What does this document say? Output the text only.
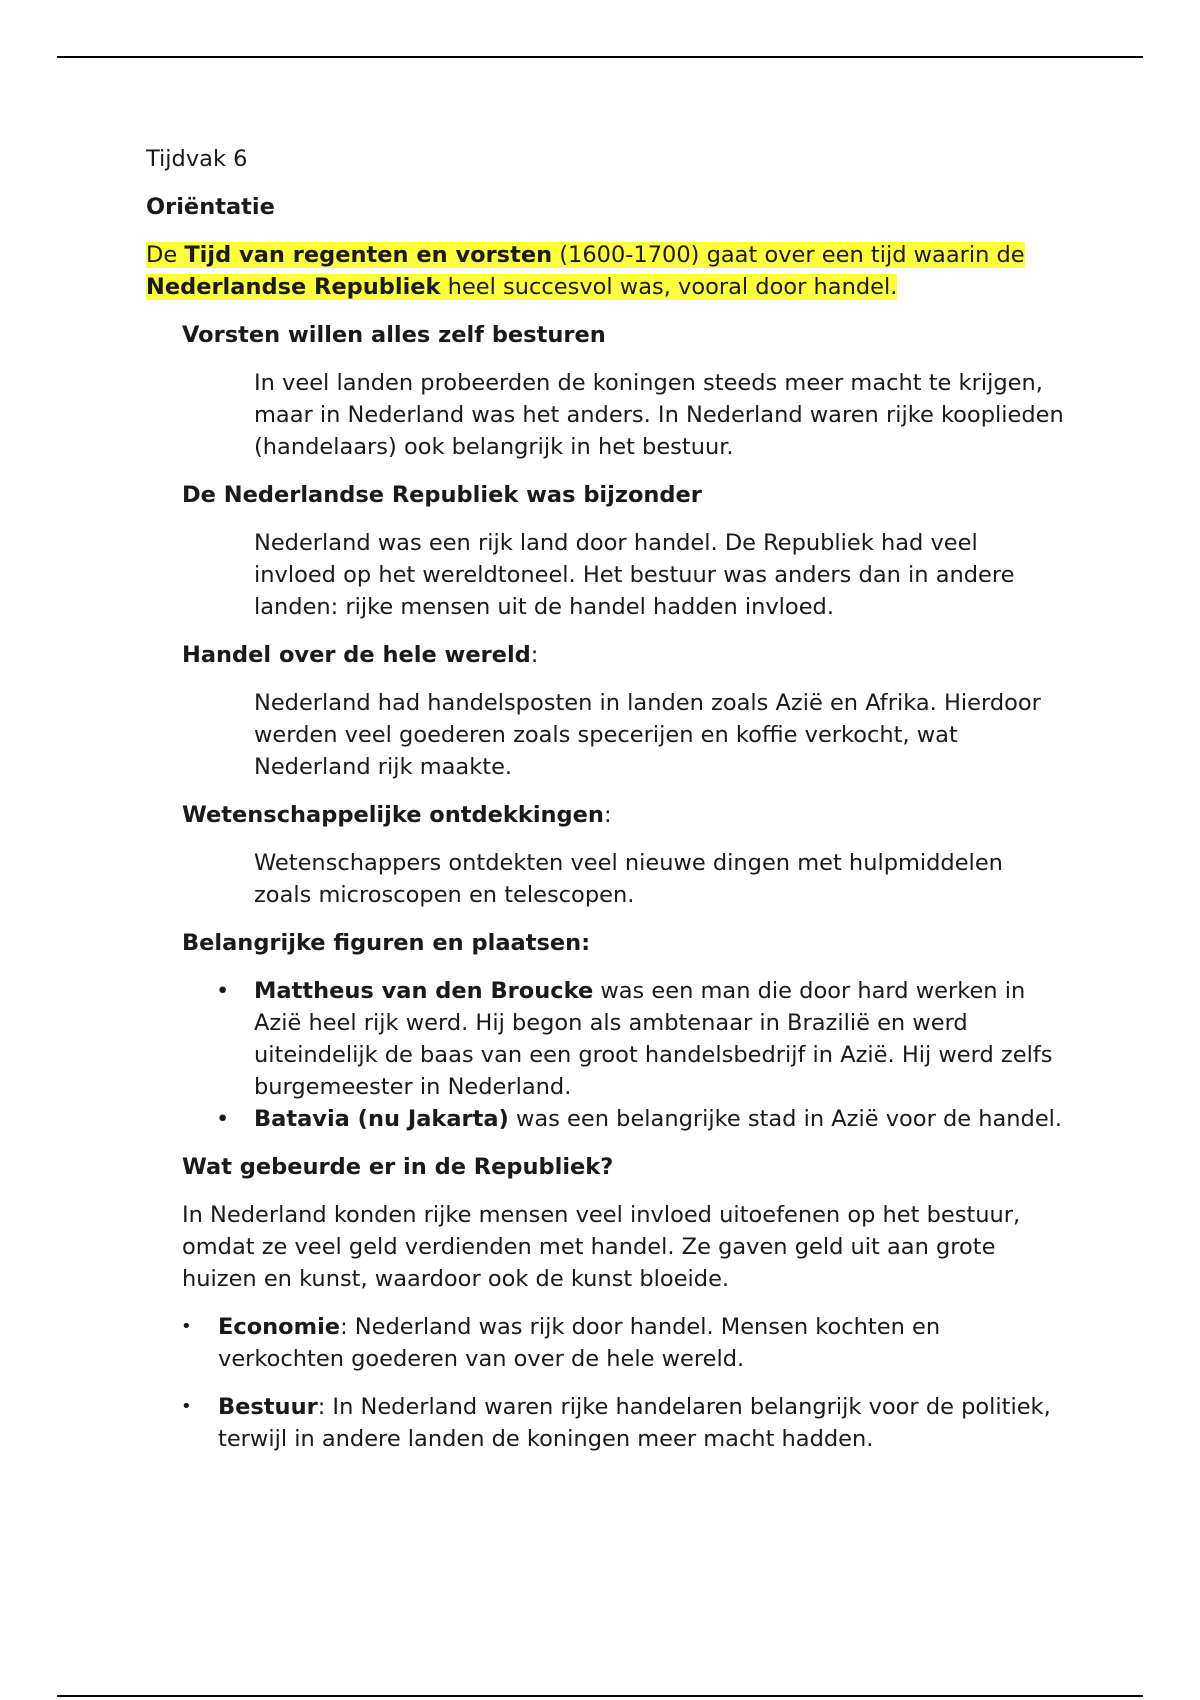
Tijdvak 6

Oriëntatie

De Tijd van regenten en vorsten (1600-1700) gaat over een tijd waarin de Nederlandse Republiek heel succesvol was, vooral door handel.

Vorsten willen alles zelf besturen

In veel landen probeerden de koningen steeds meer macht te krijgen, maar in Nederland was het anders. In Nederland waren rijke kooplieden (handelaars) ook belangrijk in het bestuur.

De Nederlandse Republiek was bijzonder

Nederland was een rijk land door handel. De Republiek had veel invloed op het wereldtoneel. Het bestuur was anders dan in andere landen: rijke mensen uit de handel hadden invloed.

Handel over de hele wereld:

Nederland had handelsposten in landen zoals Azië en Afrika. Hierdoor werden veel goederen zoals specerijen en koffie verkocht, wat Nederland rijk maakte.

Wetenschappelijke ontdekkingen:

Wetenschappers ontdekten veel nieuwe dingen met hulpmiddelen zoals microscopen en telescopen.

Belangrijke figuren en plaatsen:

• Mattheus van den Broucke was een man die door hard werken in Azië heel rijk werd. Hij begon als ambtenaar in Brazilië en werd uiteindelijk de baas van een groot handelsbedrijf in Azië. Hij werd zelfs burgemeester in Nederland.
• Batavia (nu Jakarta) was een belangrijke stad in Azië voor de handel.

Wat gebeurde er in de Republiek?

In Nederland konden rijke mensen veel invloed uitoefenen op het bestuur, omdat ze veel geld verdienden met handel. Ze gaven geld uit aan grote huizen en kunst, waardoor ook de kunst bloeide.

• Economie: Nederland was rijk door handel. Mensen kochten en verkochten goederen van over de hele wereld.
• Bestuur: In Nederland waren rijke handelaren belangrijk voor de politiek, terwijl in andere landen de koningen meer macht hadden.
